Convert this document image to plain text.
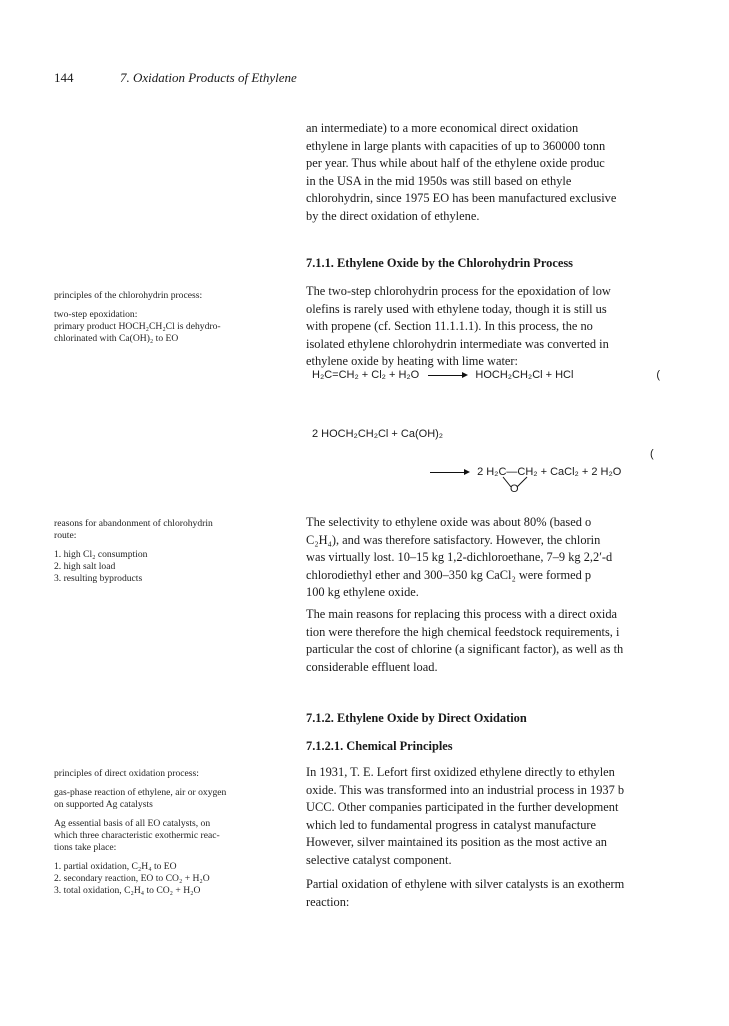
144	7. Oxidation Products of Ethylene
an intermediate) to a more economical direct oxidation
ethylene in large plants with capacities of up to 360000 tonn
per year. Thus while about half of the ethylene oxide produc
in the USA in the mid 1950s was still based on ethyle
chlorohydrin, since 1975 EO has been manufactured exclusive
by the direct oxidation of ethylene.
7.1.1. Ethylene Oxide by the Chlorohydrin Process
principles of the chlorohydrin process:
two-step epoxidation:
primary product HOCH₂CH₂Cl is dehydro-
chlorinated with Ca(OH)₂ to EO
The two-step chlorohydrin process for the epoxidation of low
olefins is rarely used with ethylene today, though it is still us
with propene (cf. Section 11.1.1.1). In this process, the no
isolated ethylene chlorohydrin intermediate was converted in
ethylene oxide by heating with lime water:
H₂C=CH₂ + Cl₂ + H₂O → HOCH₂CH₂Cl + HCl	(
2 HOCH₂CH₂Cl + Ca(OH)₂
(
→ 2 H₂C—CH₂ + CaCl₂ + 2 H₂O
O
reasons for abandonment of chlorohydrin
route:
1. high Cl₂ consumption
2. high salt load
3. resulting byproducts
The selectivity to ethylene oxide was about 80% (based o
C₂H₄), and was therefore satisfactory. However, the chlorin
was virtually lost. 10–15 kg 1,2-dichloroethane, 7–9 kg 2,2′-d
chlorodiethyl ether and 300–350 kg CaCl₂ were formed p
100 kg ethylene oxide.
The main reasons for replacing this process with a direct oxida
tion were therefore the high chemical feedstock requirements, i
particular the cost of chlorine (a significant factor), as well as th
considerable effluent load.
7.1.2. Ethylene Oxide by Direct Oxidation
7.1.2.1. Chemical Principles
principles of direct oxidation process:
gas-phase reaction of ethylene, air or oxygen
on supported Ag catalysts
Ag essential basis of all EO catalysts, on
which three characteristic exothermic reac-
tions take place:
1. partial oxidation, C₂H₄ to EO
2. secondary reaction, EO to CO₂ + H₂O
3. total oxidation, C₂H₄ to CO₂ + H₂O
In 1931, T. E. Lefort first oxidized ethylene directly to ethylen
oxide. This was transformed into an industrial process in 1937 b
UCC. Other companies participated in the further development
which led to fundamental progress in catalyst manufacture
However, silver maintained its position as the most active an
selective catalyst component.
Partial oxidation of ethylene with silver catalysts is an exotherm
reaction:
